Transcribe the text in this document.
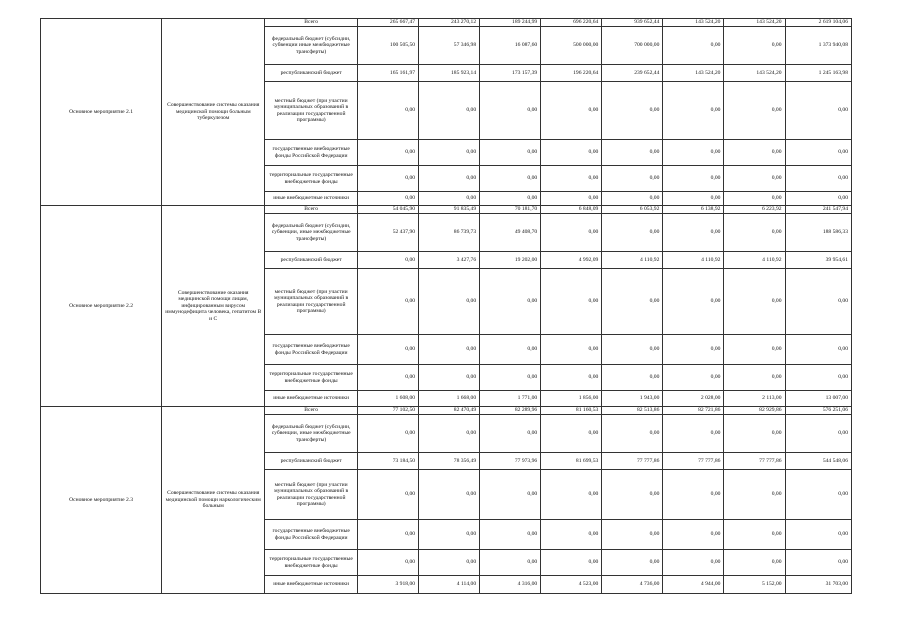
Основное мероприятие 2.1	Совершенствование системы оказания медицинской помощи больным туберкулезом	Всего	265 667,47	243 270,12	189 244,99	696 220,64	939 652,44	143 524,20	143 524,20	2 619 104,06
		федеральный бюджет (субсидии, субвенции иные межбюджетные трансферты)	100 505,50	57 346,98	16 087,60	500 000,00	700 000,00	0,00	0,00	1 373 940,08
		республиканский бюджет	165 161,97	185 923,14	173 157,39	196 220,64	239 652,44	143 524,20	143 524,20	1 245 163,98
		местный бюджет (при участии муниципальных образований в реализации государственной программы)	0,00	0,00	0,00	0,00	0,00	0,00	0,00	0,00
		государственные внебюджетные фонды Российской Федерации	0,00	0,00	0,00	0,00	0,00	0,00	0,00	0,00
		территориальные государственные внебюджетные фонды	0,00	0,00	0,00	0,00	0,00	0,00	0,00	0,00
		иные внебюджетные источники	0,00	0,00	0,00	0,00	0,00	0,00	0,00	0,00
Основное мероприятие 2.2	Совершенствование оказания медицинской помощи лицам, инфицированным вирусом иммунодефицита человека, гепатитом В и С	Всего	54 045,90	91 835,49	70 181,70	6 848,09	6 053,92	6 138,92	6 223,92	241 547,94
		федеральный бюджет (субсидии, субвенции, иные межбюджетные трансферты)	52 437,90	86 739,73	49 408,70	0,00	0,00	0,00	0,00	188 586,33
		республиканский бюджет	0,00	3 427,76	19 202,00	4 992,09	4 110,92	4 110,92	4 110,92	39 954,61
		местный бюджет (при участии муниципальных образований в реализации государственной программы)	0,00	0,00	0,00	0,00	0,00	0,00	0,00	0,00
		государственные внебюджетные фонды Российской Федерации	0,00	0,00	0,00	0,00	0,00	0,00	0,00	0,00
		территориальные государственные внебюджетные фонды	0,00	0,00	0,00	0,00	0,00	0,00	0,00	0,00
		иные внебюджетные источники	1 608,00	1 668,00	1 771,00	1 856,00	1 943,00	2 028,00	2 113,00	13 007,00
Основное мероприятие 2.3	Совершенствование системы оказания медицинской помощи наркологическим больным	Всего	77 102,50	82 470,49	82 289,96	81 160,53	82 513,86	82 721,86	82 929,86	576 251,06
		федеральный бюджет (субсидии, субвенции, иные межбюджетные трансферты)	0,00	0,00	0,00	0,00	0,00	0,00	0,00	0,00
		республиканский бюджет	73 184,50	78 356,49	77 973,96	81 699,53	77 777,86	77 777,86	77 777,86	544 548,06
		местный бюджет (при участии муниципальных образований в реализации государственной программы)	0,00	0,00	0,00	0,00	0,00	0,00	0,00	0,00
		государственные внебюджетные фонды Российской Федерации	0,00	0,00	0,00	0,00	0,00	0,00	0,00	0,00
		территориальные государственные внебюджетные фонды	0,00	0,00	0,00	0,00	0,00	0,00	0,00	0,00
		иные внебюджетные источники	3 918,00	4 114,00	4 316,00	4 523,00	4 736,00	4 944,00	5 152,00	31 703,00
